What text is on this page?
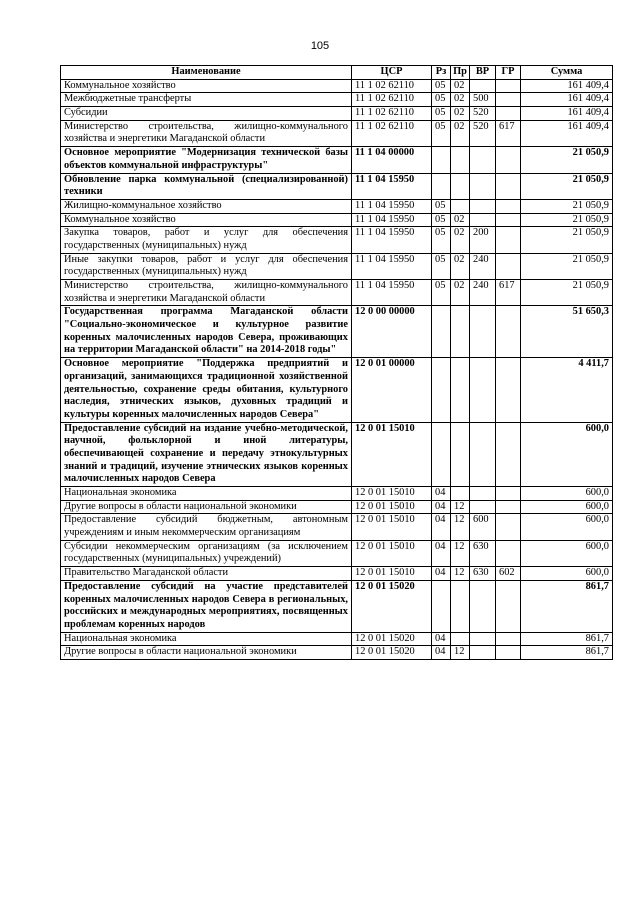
105
Наименование	ЦСР	Рз	Пр	ВР	ГР	Сумма
Коммунальное хозяйство	11 1 02 62110	05	02			161 409,4
Межбюджетные трансферты	11 1 02 62110	05	02	500		161 409,4
Субсидии	11 1 02 62110	05	02	520		161 409,4
Министерство строительства, жилищно-коммунального хозяйства и энергетики Магаданской области	11 1 02 62110	05	02	520	617	161 409,4
Основное мероприятие "Модернизация технической базы объектов коммунальной инфраструктуры"	11 1 04 00000					21 050,9
Обновление парка коммунальной (специализированной) техники	11 1 04 15950					21 050,9
Жилищно-коммунальное хозяйство	11 1 04 15950	05				21 050,9
Коммунальное хозяйство	11 1 04 15950	05	02			21 050,9
Закупка товаров, работ и услуг для обеспечения государственных (муниципальных) нужд	11 1 04 15950	05	02	200		21 050,9
Иные закупки товаров, работ и услуг для обеспечения государственных (муниципальных) нужд	11 1 04 15950	05	02	240		21 050,9
Министерство строительства, жилищно-коммунального хозяйства и энергетики Магаданской области	11 1 04 15950	05	02	240	617	21 050,9
Государственная программа Магаданской области "Социально-экономическое и культурное развитие коренных малочисленных народов Севера, проживающих на территории Магаданской области" на 2014-2018 годы"	12 0 00 00000					51 650,3
Основное мероприятие "Поддержка предприятий и организаций, занимающихся традиционной хозяйственной деятельностью, сохранение среды обитания, культурного наследия, этнических языков, духовных традиций и культуры коренных малочисленных народов Севера"	12 0 01 00000					4 411,7
Предоставление субсидий на издание учебно-методической, научной, фольклорной и иной литературы, обеспечивающей сохранение и передачу этнокультурных знаний и традиций, изучение этнических языков коренных малочисленных народов Севера	12 0 01 15010					600,0
Национальная экономика	12 0 01 15010	04				600,0
Другие вопросы в области национальной экономики	12 0 01 15010	04	12			600,0
Предоставление субсидий бюджетным, автономным учреждениям и иным некоммерческим организациям	12 0 01 15010	04	12	600		600,0
Субсидии некоммерческим организациям (за исключением государственных (муниципальных) учреждений)	12 0 01 15010	04	12	630		600,0
Правительство Магаданской области	12 0 01 15010	04	12	630	602	600,0
Предоставление субсидий на участие представителей коренных малочисленных народов Севера в региональных, российских и международных мероприятиях, посвященных проблемам коренных народов	12 0 01 15020					861,7
Национальная экономика	12 0 01 15020	04				861,7
Другие вопросы в области национальной экономики	12 0 01 15020	04	12			861,7
